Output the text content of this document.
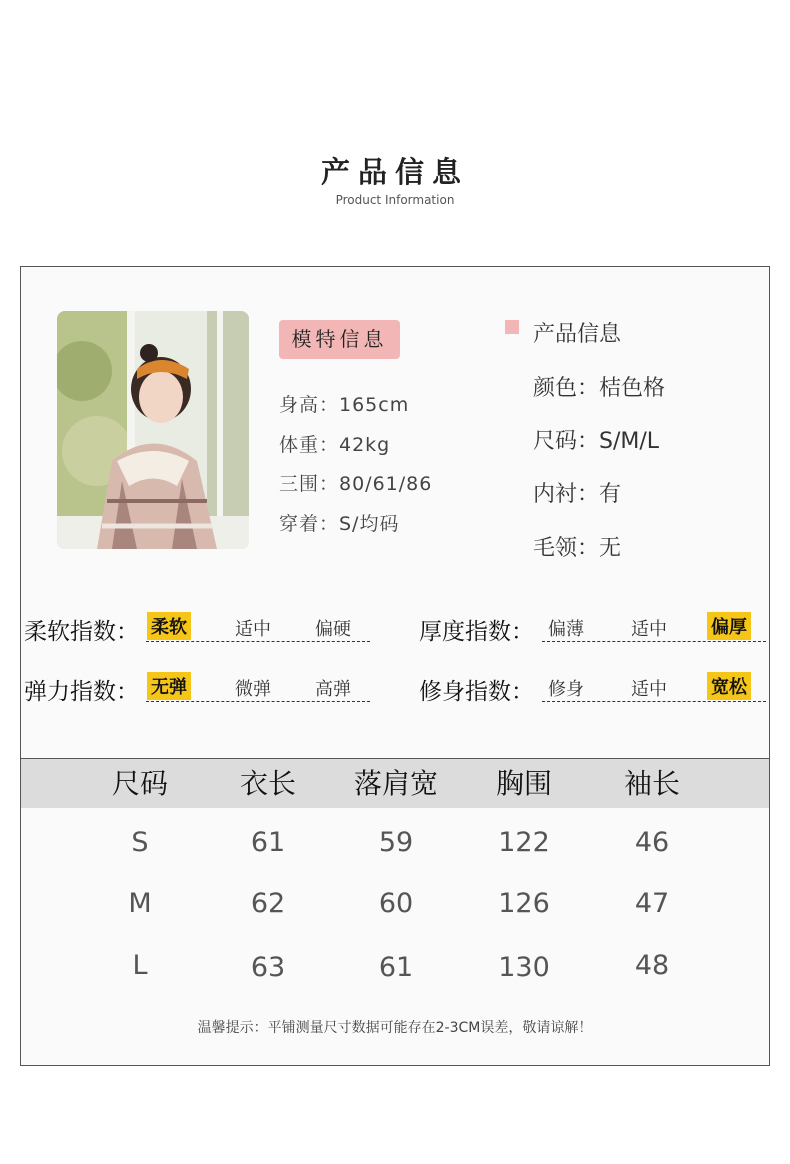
产品信息
Product Information
模特信息
身高：165cm
体重：42kg
三围：80/61/86
穿着：S/均码
产品信息
颜色：桔色格
尺码：S/M/L
内衬：有
毛领：无
柔软指数： 柔软	适中 偏硬	厚度指数： 偏薄	适中 偏厚
弹力指数： 无弹	微弹 高弹	修身指数： 修身	适中 宽松
尺码	衣长	落肩宽	胸围	袖长
S	61	59	122	46
M	62	60	126	47
L	63	61	130	48
温馨提示：平铺测量尺寸数据可能存在2-3CM误差，敬请谅解！
